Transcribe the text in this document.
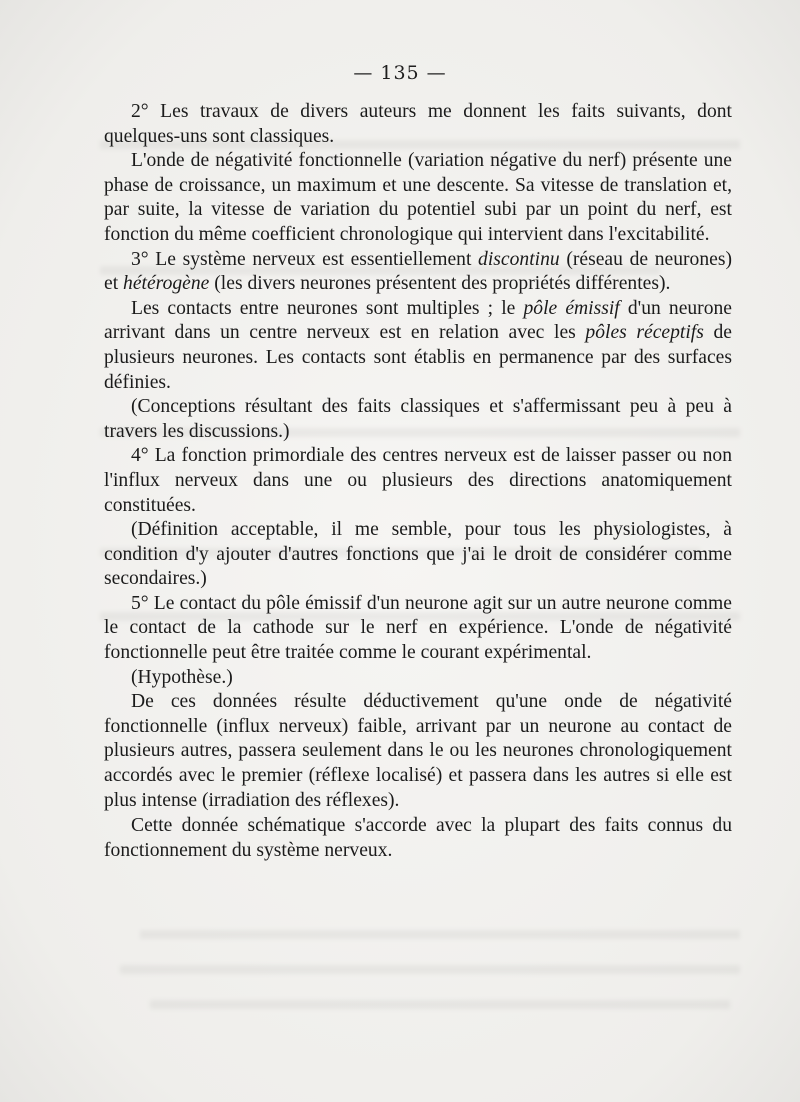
— 135 —

2° Les travaux de divers auteurs me donnent les faits suivants, dont quelques-uns sont classiques.

L'onde de négativité fonctionnelle (variation négative du nerf) présente une phase de croissance, un maximum et une descente. Sa vitesse de translation et, par suite, la vitesse de variation du potentiel subi par un point du nerf, est fonction du même coefficient chronologique qui intervient dans l'excitabilité.

3° Le système nerveux est essentiellement discontinu (réseau de neurones) et hétérogène (les divers neurones présentent des propriétés différentes).

Les contacts entre neurones sont multiples ; le pôle émissif d'un neurone arrivant dans un centre nerveux est en relation avec les pôles réceptifs de plusieurs neurones. Les contacts sont établis en permanence par des surfaces définies.

(Conceptions résultant des faits classiques et s'affermissant peu à peu à travers les discussions.)

4° La fonction primordiale des centres nerveux est de laisser passer ou non l'influx nerveux dans une ou plusieurs des directions anatomiquement constituées.

(Définition acceptable, il me semble, pour tous les physiologistes, à condition d'y ajouter d'autres fonctions que j'ai le droit de considérer comme secondaires.)

5° Le contact du pôle émissif d'un neurone agit sur un autre neurone comme le contact de la cathode sur le nerf en expérience. L'onde de négativité fonctionnelle peut être traitée comme le courant expérimental.

(Hypothèse.)

De ces données résulte déductivement qu'une onde de négativité fonctionnelle (influx nerveux) faible, arrivant par un neurone au contact de plusieurs autres, passera seulement dans le ou les neurones chronologiquement accordés avec le premier (réflexe localisé) et passera dans les autres si elle est plus intense (irradiation des réflexes).

Cette donnée schématique s'accorde avec la plupart des faits connus du fonctionnement du système nerveux.
